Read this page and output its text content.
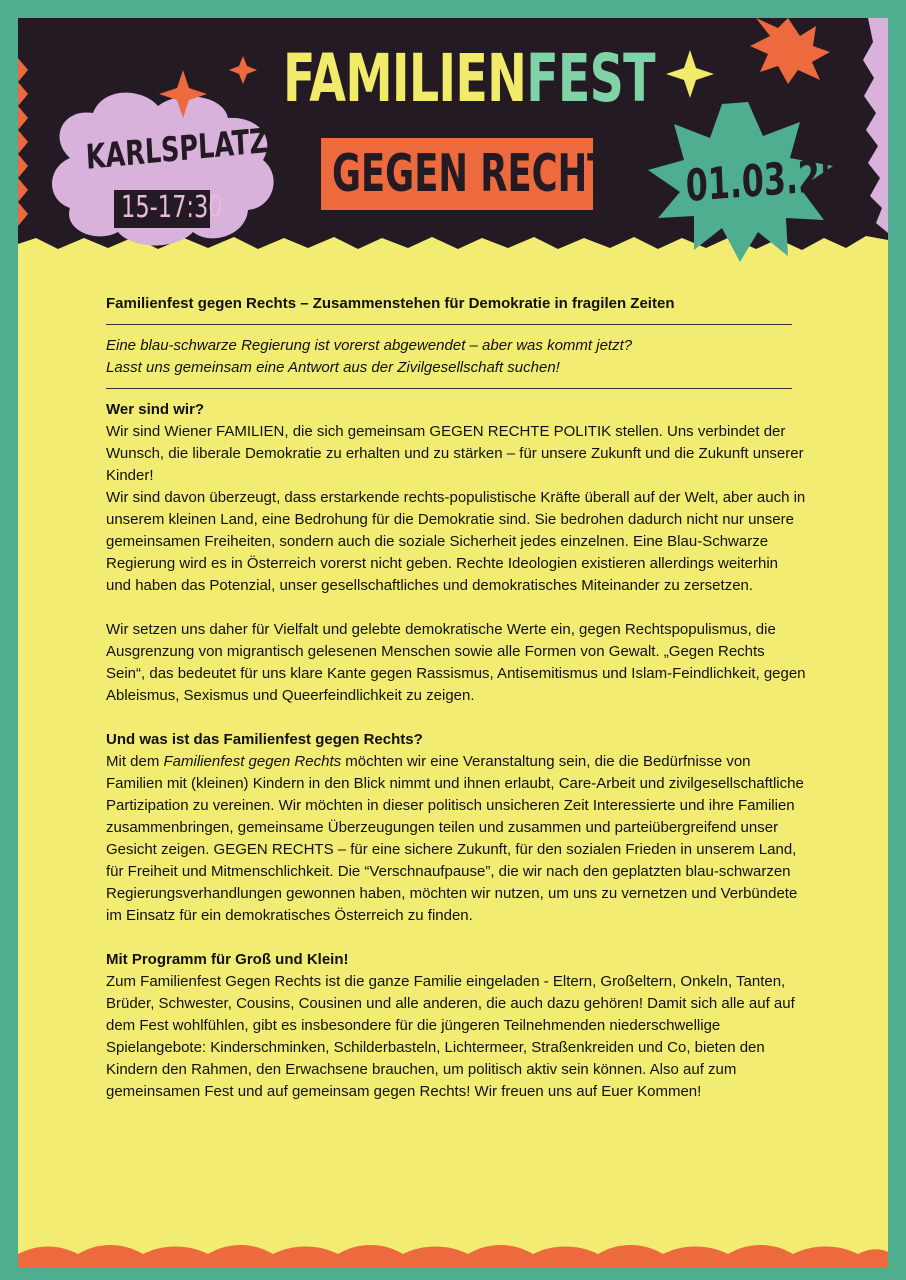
FAMILIENFEST
GEGEN RECHTS
KARLSPLATZ
15-17:30	01.03.25

Familienfest gegen Rechts – Zusammenstehen für Demokratie in fragilen Zeiten

Eine blau-schwarze Regierung ist vorerst abgewendet – aber was kommt jetzt?

Lasst uns gemeinsam eine Antwort aus der Zivilgesellschaft suchen!

Wer sind wir?

Wir sind Wiener FAMILIEN, die sich gemeinsam GEGEN RECHTE POLITIK stellen. Uns verbindet der Wunsch, die liberale Demokratie zu erhalten und zu stärken – für unsere Zukunft und die Zukunft unserer Kinder!

Wir sind davon überzeugt, dass erstarkende rechts-populistische Kräfte überall auf der Welt, aber auch in unserem kleinen Land, eine Bedrohung für die Demokratie sind. Sie bedrohen dadurch nicht nur unsere gemeinsamen Freiheiten, sondern auch die soziale Sicherheit jedes einzelnen. Eine Blau-Schwarze Regierung wird es in Österreich vorerst nicht geben. Rechte Ideologien existieren allerdings weiterhin und haben das Potenzial, unser gesellschaftliches und demokratisches Miteinander zu zersetzen.

Wir setzen uns daher für Vielfalt und gelebte demokratische Werte ein, gegen Rechtspopulismus, die Ausgrenzung von migrantisch gelesenen Menschen sowie alle Formen von Gewalt. „Gegen Rechts Sein“, das bedeutet für uns klare Kante gegen Rassismus, Antisemitismus und Islam-Feindlichkeit, gegen Ableismus, Sexismus und Queerfeindlichkeit zu zeigen.

Und was ist das Familienfest gegen Rechts?

Mit dem Familienfest gegen Rechts möchten wir eine Veranstaltung sein, die die Bedürfnisse von Familien mit (kleinen) Kindern in den Blick nimmt und ihnen erlaubt, Care-Arbeit und zivilgesellschaftliche Partizipation zu vereinen. Wir möchten in dieser politisch unsicheren Zeit Interessierte und ihre Familien zusammenbringen, gemeinsame Überzeugungen teilen und zusammen und parteiübergreifend unser Gesicht zeigen. GEGEN RECHTS – für eine sichere Zukunft, für den sozialen Frieden in unserem Land, für Freiheit und Mitmenschlichkeit. Die “Verschnaufpause”, die wir nach den geplatzten blau-schwarzen Regierungsverhandlungen gewonnen haben, möchten wir nutzen, um uns zu vernetzen und Verbündete im Einsatz für ein demokratisches Österreich zu finden.

Mit Programm für Groß und Klein!

Zum Familienfest Gegen Rechts ist die ganze Familie eingeladen - Eltern, Großeltern, Onkeln, Tanten, Brüder, Schwester, Cousins, Cousinen und alle anderen, die auch dazu gehören! Damit sich alle auf auf dem Fest wohlfühlen, gibt es insbesondere für die jüngeren Teilnehmenden niederschwellige Spielangebote: Kinderschminken, Schilderbasteln, Lichtermeer, Straßenkreiden und Co, bieten den Kindern den Rahmen, den Erwachsene brauchen, um politisch aktiv sein können. Also auf zum gemeinsamen Fest und auf gemeinsam gegen Rechts! Wir freuen uns auf Euer Kommen!
